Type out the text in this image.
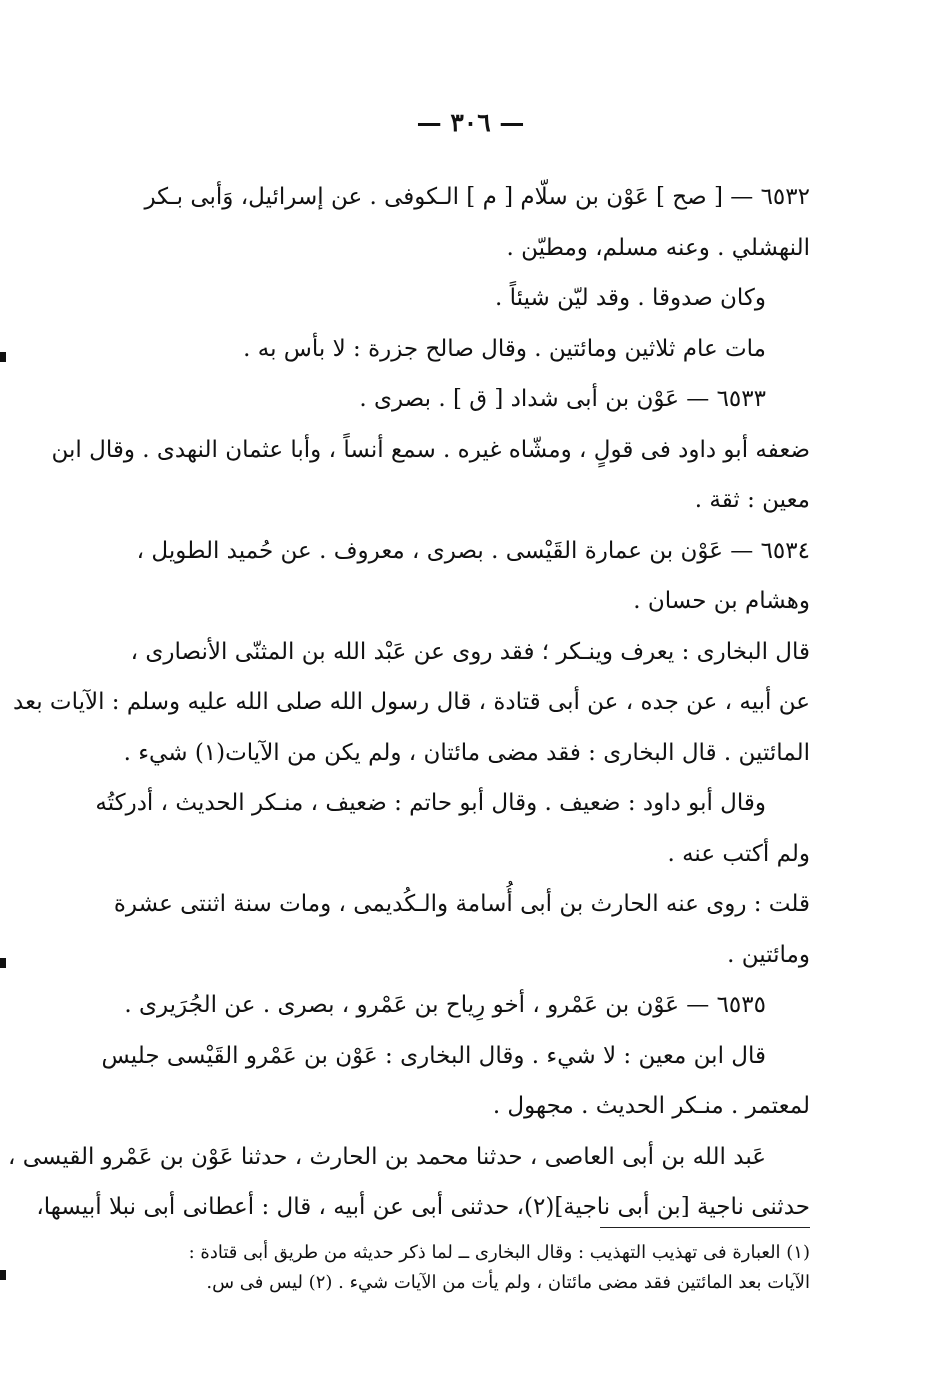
— ٣٠٦ —
٦٥٣٢ — [ صح ] عَوْن بن سلّام [ م ] الـكوفى . عن إسرائيل، وَأبى بـكر
النهشلي . وعنه مسلم، ومطيّن .
وكان صدوقا . وقد ليّن شيئاً .
مات عام ثلاثين ومائتين . وقال صالح جزرة : لا بأس به .
٦٥٣٣ — عَوْن بن أبى شداد [ ق ] . بصرى .
ضعفه أبو داود فى قولٍ ، ومشّاه غيره . سمع أنساً ، وأبا عثمان النهدى . وقال ابن
معين : ثقة .
٦٥٣٤ — عَوْن بن عمارة القَيْسى . بصرى ، معروف . عن حُميد الطويل ،
وهشام بن حسان .
قال البخارى : يعرف وينـكر ؛ فقد روى عن عَبْد الله بن المثنّى الأنصارى ،
عن أبيه ، عن جده ، عن أبى قتادة ، قال رسول الله صلى الله عليه وسلم : الآيات بعد
المائتين . قال البخارى : فقد مضى مائتان ، ولم يكن من الآيات(١) شيء .
وقال أبو داود : ضعيف . وقال أبو حاتم : ضعيف ، منـكر الحديث ، أدركتُه
ولم أكتب عنه .
قلت : روى عنه الحارث بن أبى أُسامة والـكُديمى ، ومات سنة اثنتى عشرة
ومائتين .
٦٥٣٥ — عَوْن بن عَمْرو ، أخو رِياح بن عَمْرو ، بصرى . عن الجُرَيرى .
قال ابن معين : لا شيء . وقال البخارى : عَوْن بن عَمْرو القَيْسى جليس
لمعتمر . منـكر الحديث . مجهول .
عَبد الله بن أبى العاصى ، حدثنا محمد بن الحارث ، حدثنا عَوْن بن عَمْرو القيسى ،
حدثنى ناجية [بن أبى ناجية](٢)، حدثنى أبى عن أبيه ، قال : أعطانى أبى نبلا أبيسها،
(١) العبارة فى تهذيب التهذيب : وقال البخارى ــ لما ذكر حديثه من طريق أبى قتادة :
الآيات بعد المائتين فقد مضى مائتان ، ولم يأت من الآيات شيء . (٢) ليس فى س.
